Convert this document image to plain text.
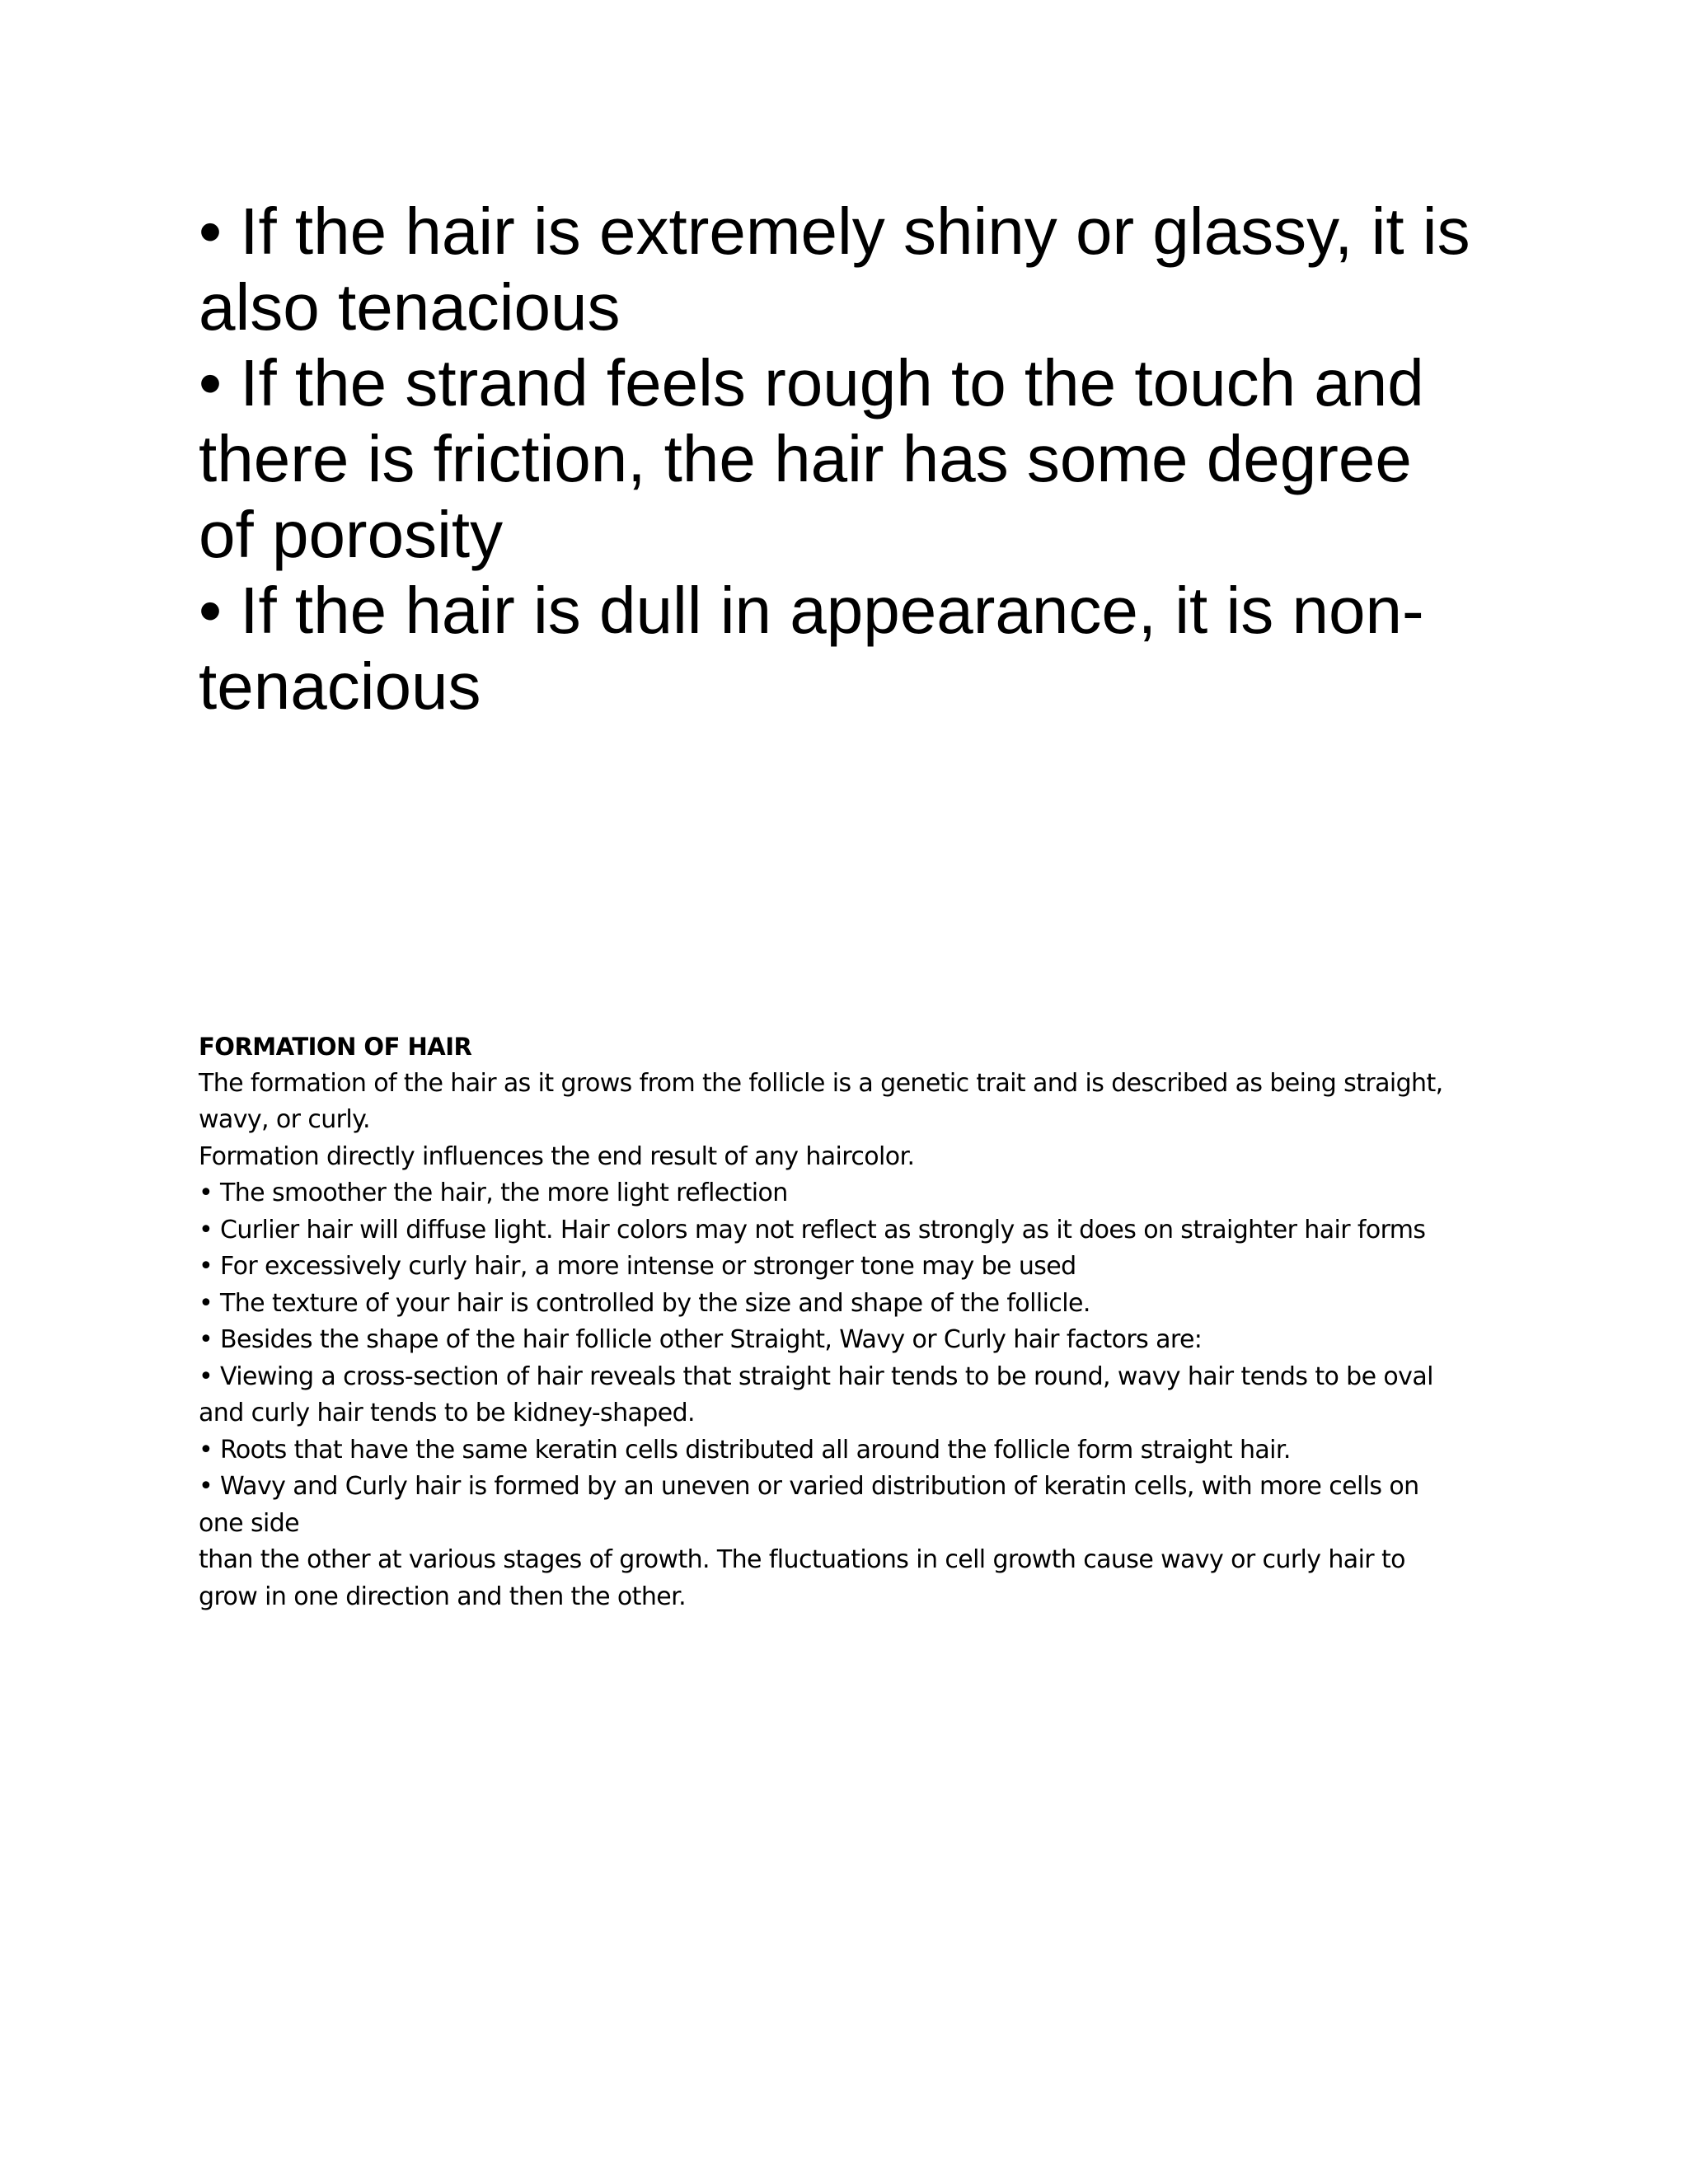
• If the hair is extremely shiny or glassy, it is
also tenacious
• If the strand feels rough to the touch and
there is friction, the hair has some degree
of porosity
• If the hair is dull in appearance, it is non-
tenacious
FORMATION OF HAIR
The formation of the hair as it grows from the follicle is a genetic trait and is described as being straight,
wavy, or curly.
Formation directly influences the end result of any haircolor.
• The smoother the hair, the more light reflection
• Curlier hair will diffuse light. Hair colors may not reflect as strongly as it does on straighter hair forms
• For excessively curly hair, a more intense or stronger tone may be used
• The texture of your hair is controlled by the size and shape of the follicle.
• Besides the shape of the hair follicle other Straight, Wavy or Curly hair factors are:
• Viewing a cross-section of hair reveals that straight hair tends to be round, wavy hair tends to be oval
and curly hair tends to be kidney-shaped.
• Roots that have the same keratin cells distributed all around the follicle form straight hair.
• Wavy and Curly hair is formed by an uneven or varied distribution of keratin cells, with more cells on
one side
than the other at various stages of growth. The fluctuations in cell growth cause wavy or curly hair to
grow in one direction and then the other.
